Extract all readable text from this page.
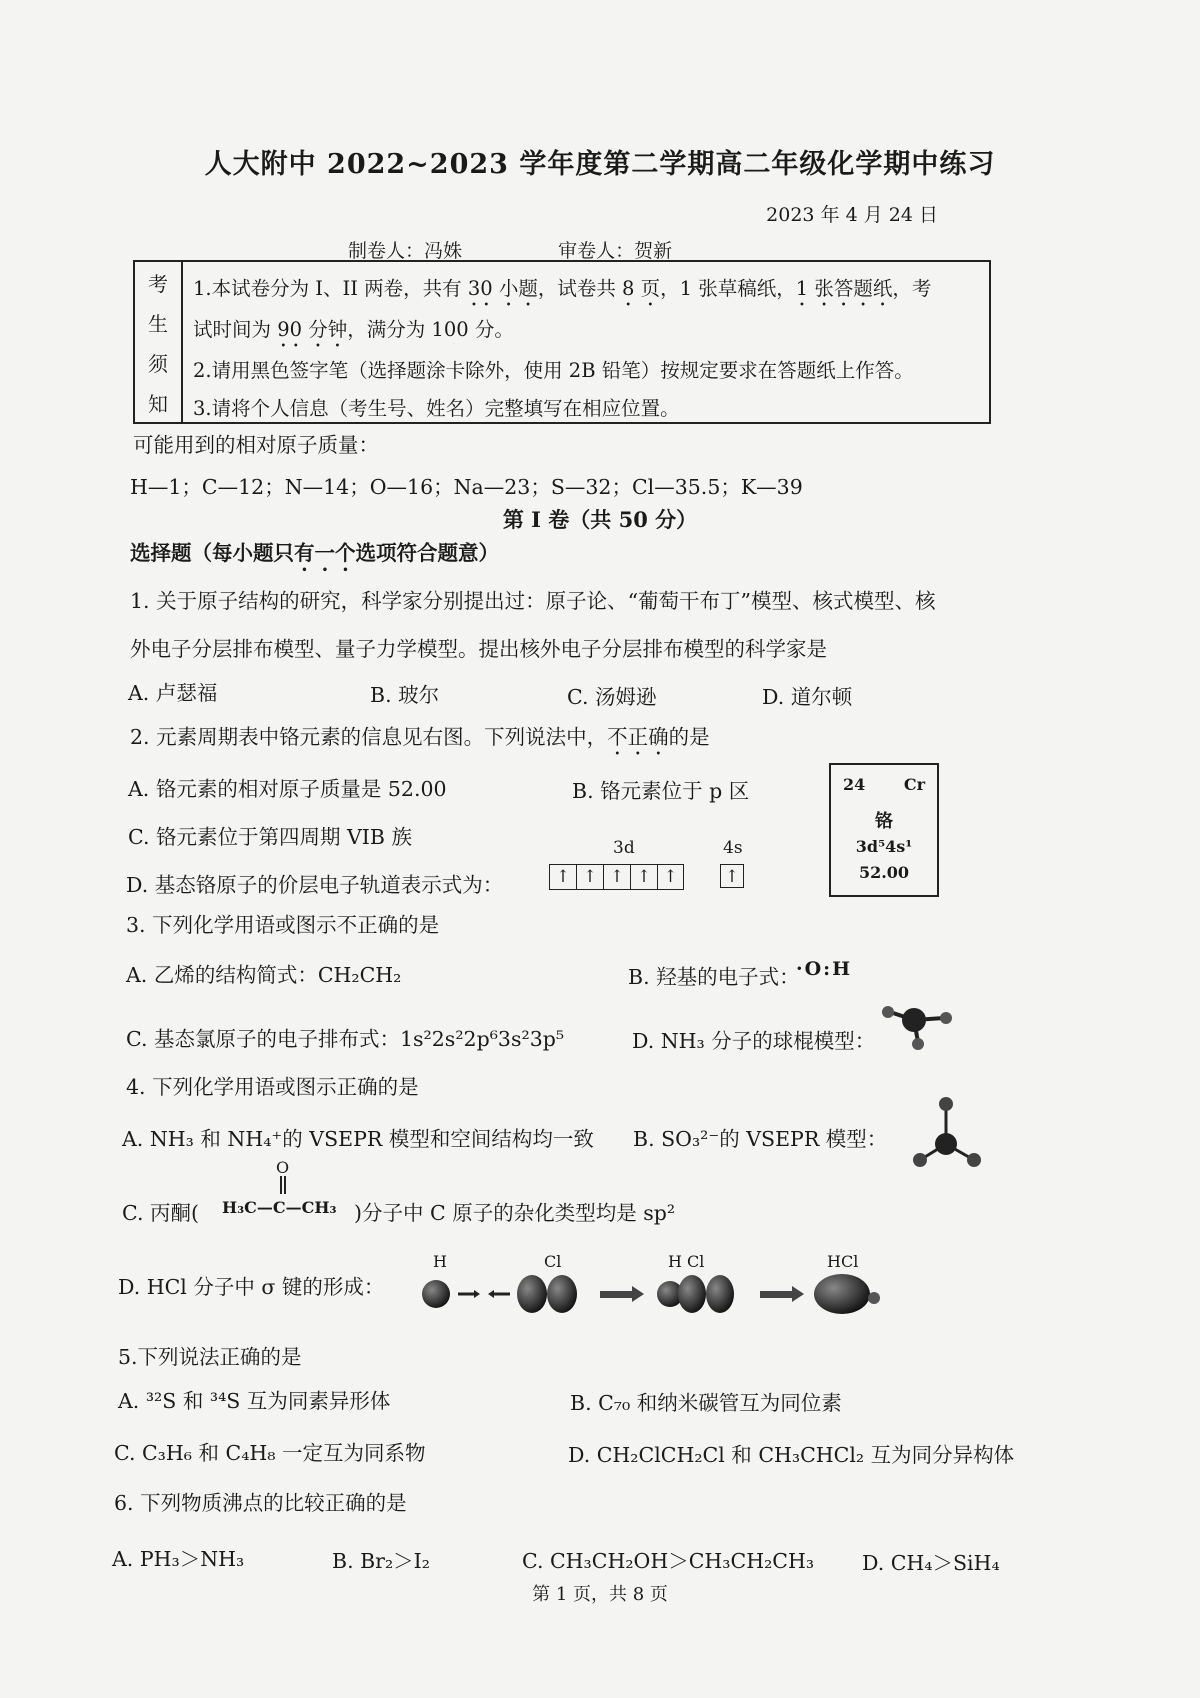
人大附中 2022~2023 学年度第二学期高二年级化学期中练习
2023 年 4 月 24 日
制卷人：冯姝	审卷人：贺新
考
生
须
知
1.本试卷分为 I、II 两卷，共有 30 小题，试卷共 8 页，1 张草稿纸，1 张答题纸，考
试时间为 90 分钟，满分为 100 分。
2.请用黑色签字笔（选择题涂卡除外，使用 2B 铅笔）按规定要求在答题纸上作答。
3.请将个人信息（考生号、姓名）完整填写在相应位置。
可能用到的相对原子质量：
H—1；C—12；N—14；O—16；Na—23；S—32；Cl—35.5；K—39
第 I 卷（共 50 分）
选择题（每小题只有一个选项符合题意）
1. 关于原子结构的研究，科学家分别提出过：原子论、“葡萄干布丁”模型、核式模型、核
外电子分层排布模型、量子力学模型。提出核外电子分层排布模型的科学家是
A. 卢瑟福	B. 玻尔	C. 汤姆逊	D. 道尔顿
2. 元素周期表中铬元素的信息见右图。下列说法中，不正确的是
A. 铬元素的相对原子质量是 52.00	B. 铬元素位于 p 区
C. 铬元素位于第四周期 VIB 族
D. 基态铬原子的价层电子轨道表示式为：
3d	4s
↑ ↑ ↑ ↑ ↑	↑
24 Cr
铬
3d⁵4s¹
52.00
3. 下列化学用语或图示不正确的是
A. 乙烯的结构简式：CH₂CH₂	B. 羟基的电子式：
·O:H
C. 基态氯原子的电子排布式：1s²2s²2p⁶3s²3p⁵	D. NH₃ 分子的球棍模型：
4. 下列化学用语或图示正确的是
A. NH₃ 和 NH₄⁺的 VSEPR 模型和空间结构均一致 B. SO₃²⁻的 VSEPR 模型：
C. 丙酮(
O
H₃C—C—CH₃ )分子中 C 原子的杂化类型均是 sp²
D. HCl 分子中 σ 键的形成：
H	Cl	H Cl	HCl
5.下列说法正确的是
A. ³²S 和 ³⁴S 互为同素异形体	B. C₇₀ 和纳米碳管互为同位素
C. C₃H₆ 和 C₄H₈ 一定互为同系物	D. CH₂ClCH₂Cl 和 CH₃CHCl₂ 互为同分异构体
6. 下列物质沸点的比较正确的是
A. PH₃＞NH₃	B. Br₂＞I₂	C. CH₃CH₂OH＞CH₃CH₂CH₃ D. CH₄＞SiH₄
第 1 页，共 8 页
